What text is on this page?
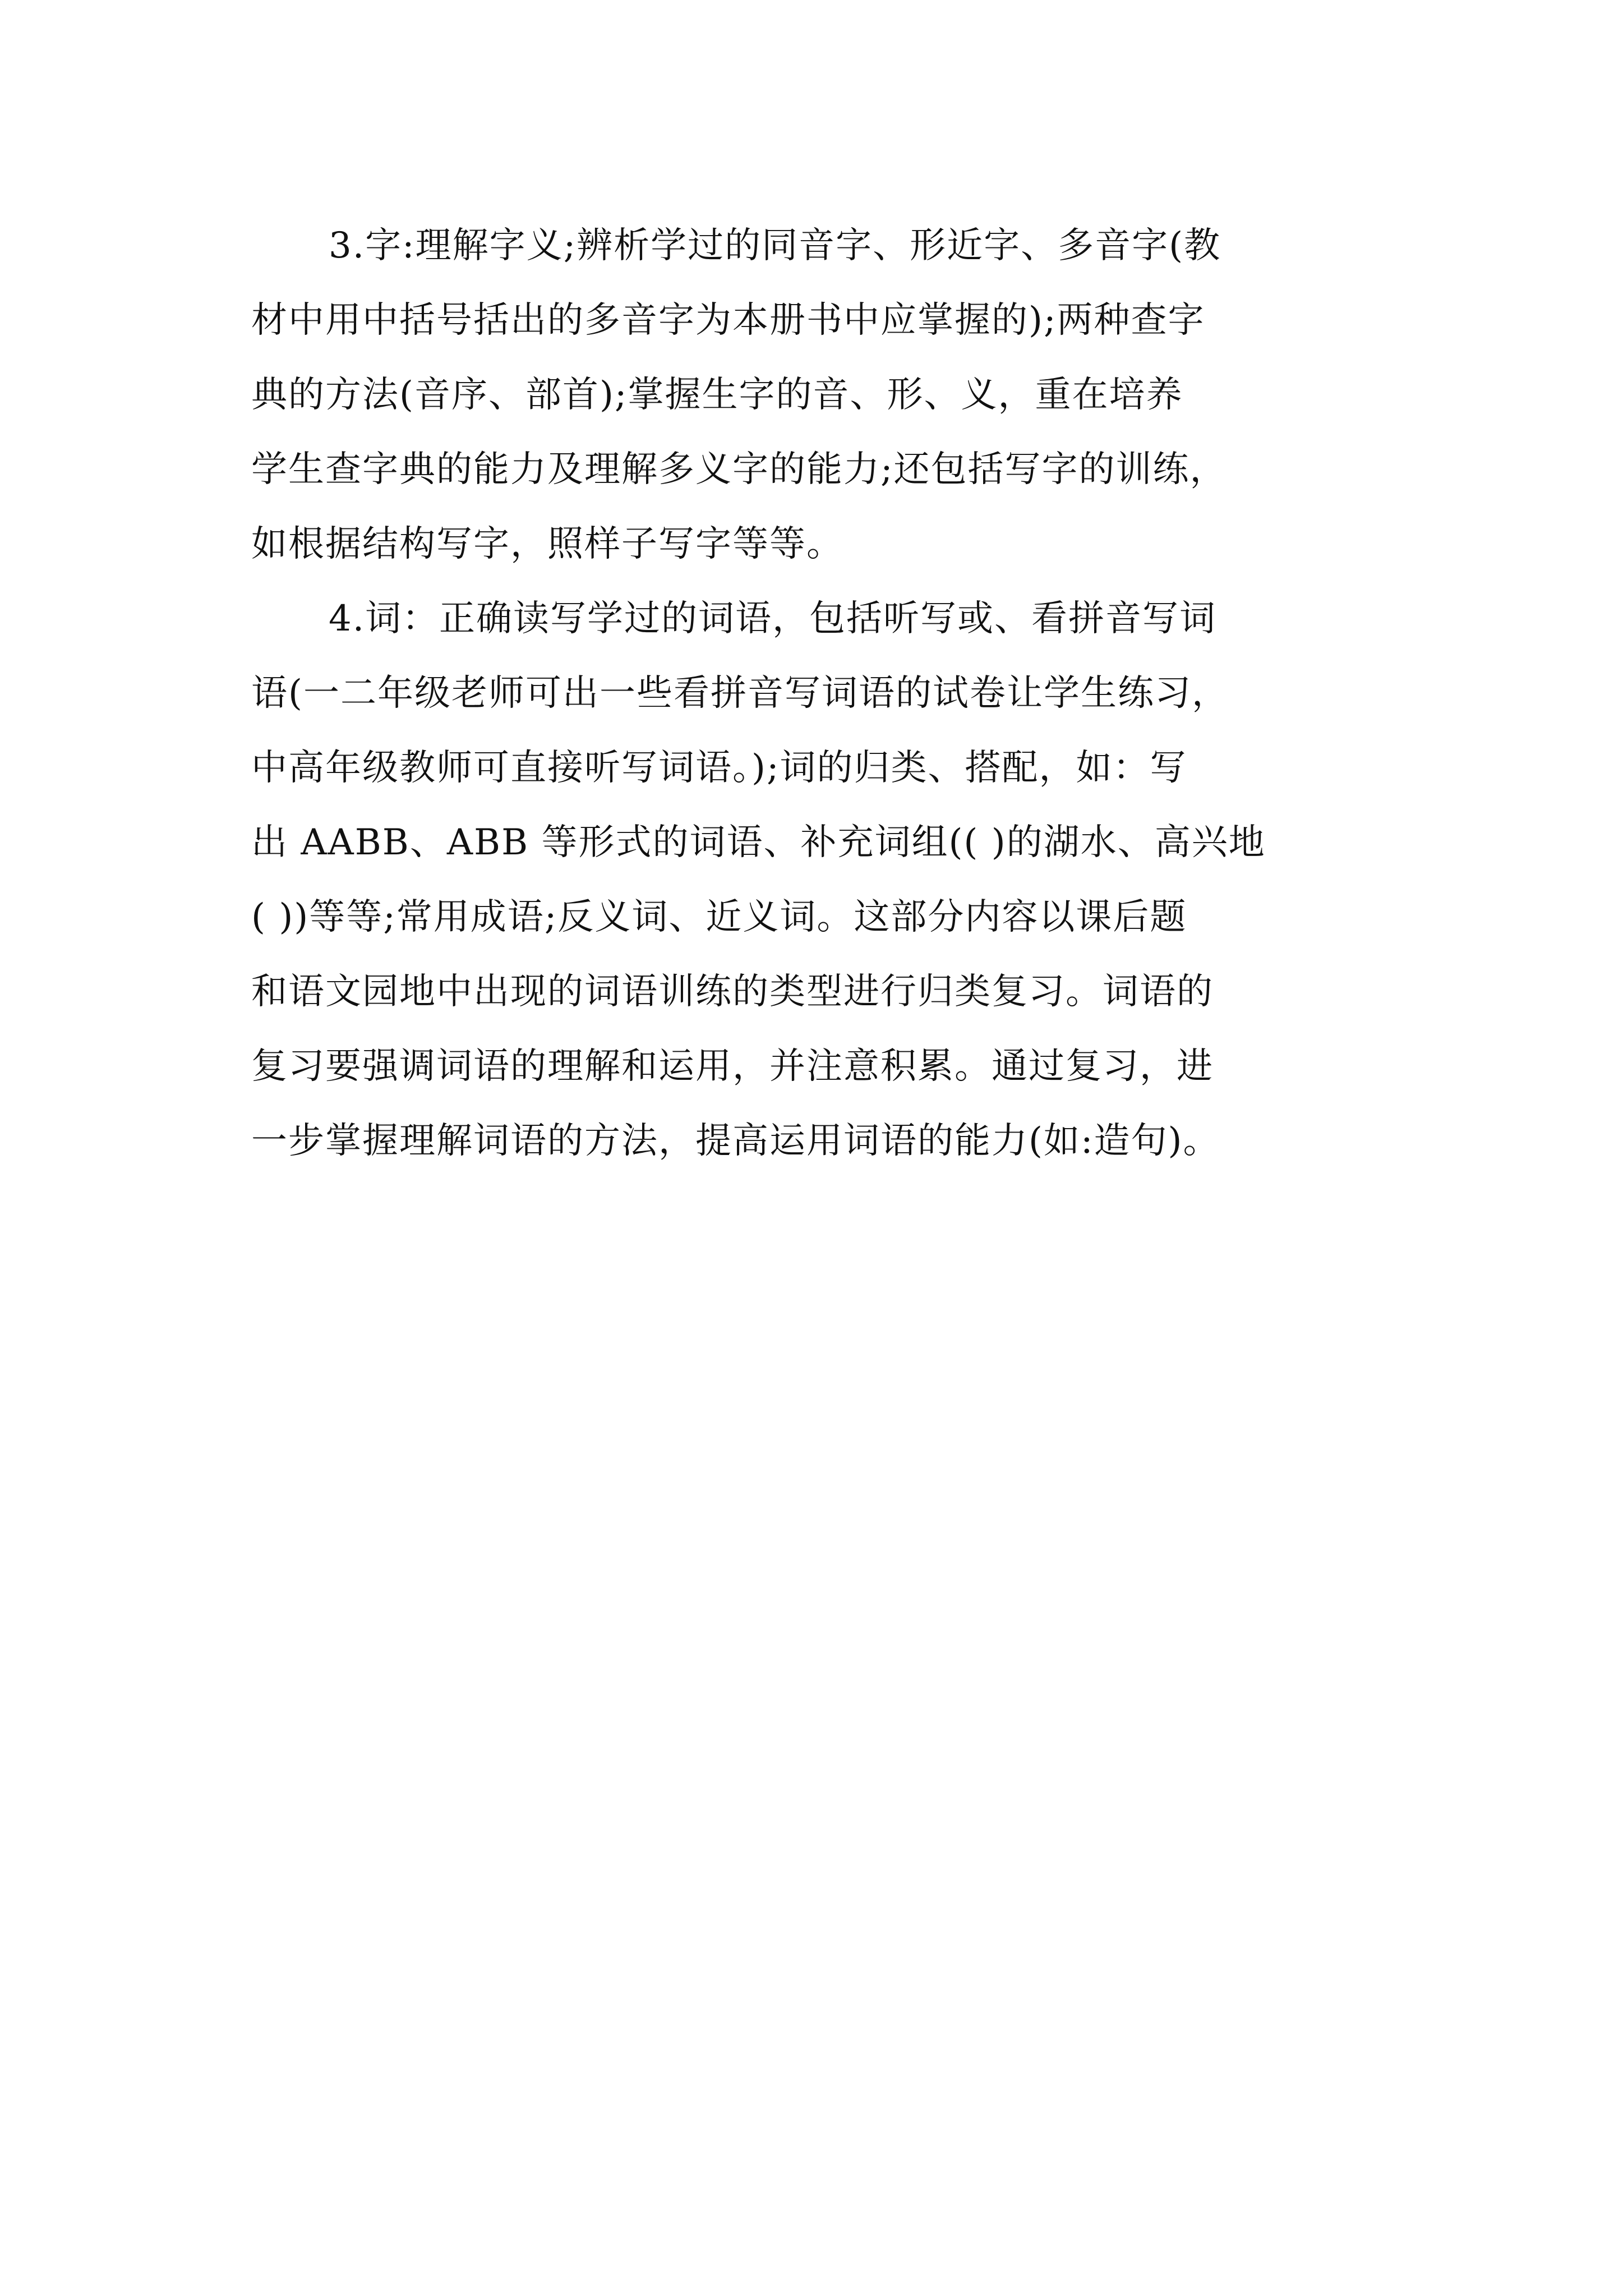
3.字:理解字义;辨析学过的同音字、形近字、多音字(教
材中用中括号括出的多音字为本册书中应掌握的);两种查字
典的方法(音序、部首);掌握生字的音、形、义，重在培养
学生查字典的能力及理解多义字的能力;还包括写字的训练，
如根据结构写字，照样子写字等等。
4.词：正确读写学过的词语，包括听写或、看拼音写词
语(一二年级老师可出一些看拼音写词语的试卷让学生练习，
中高年级教师可直接听写词语。);词的归类、搭配，如：写
出 AABB、ABB 等形式的词语、补充词组(( )的湖水、高兴地
( ))等等;常用成语;反义词、近义词。这部分内容以课后题
和语文园地中出现的词语训练的类型进行归类复习。词语的
复习要强调词语的理解和运用，并注意积累。通过复习，进
一步掌握理解词语的方法，提高运用词语的能力(如:造句)。
